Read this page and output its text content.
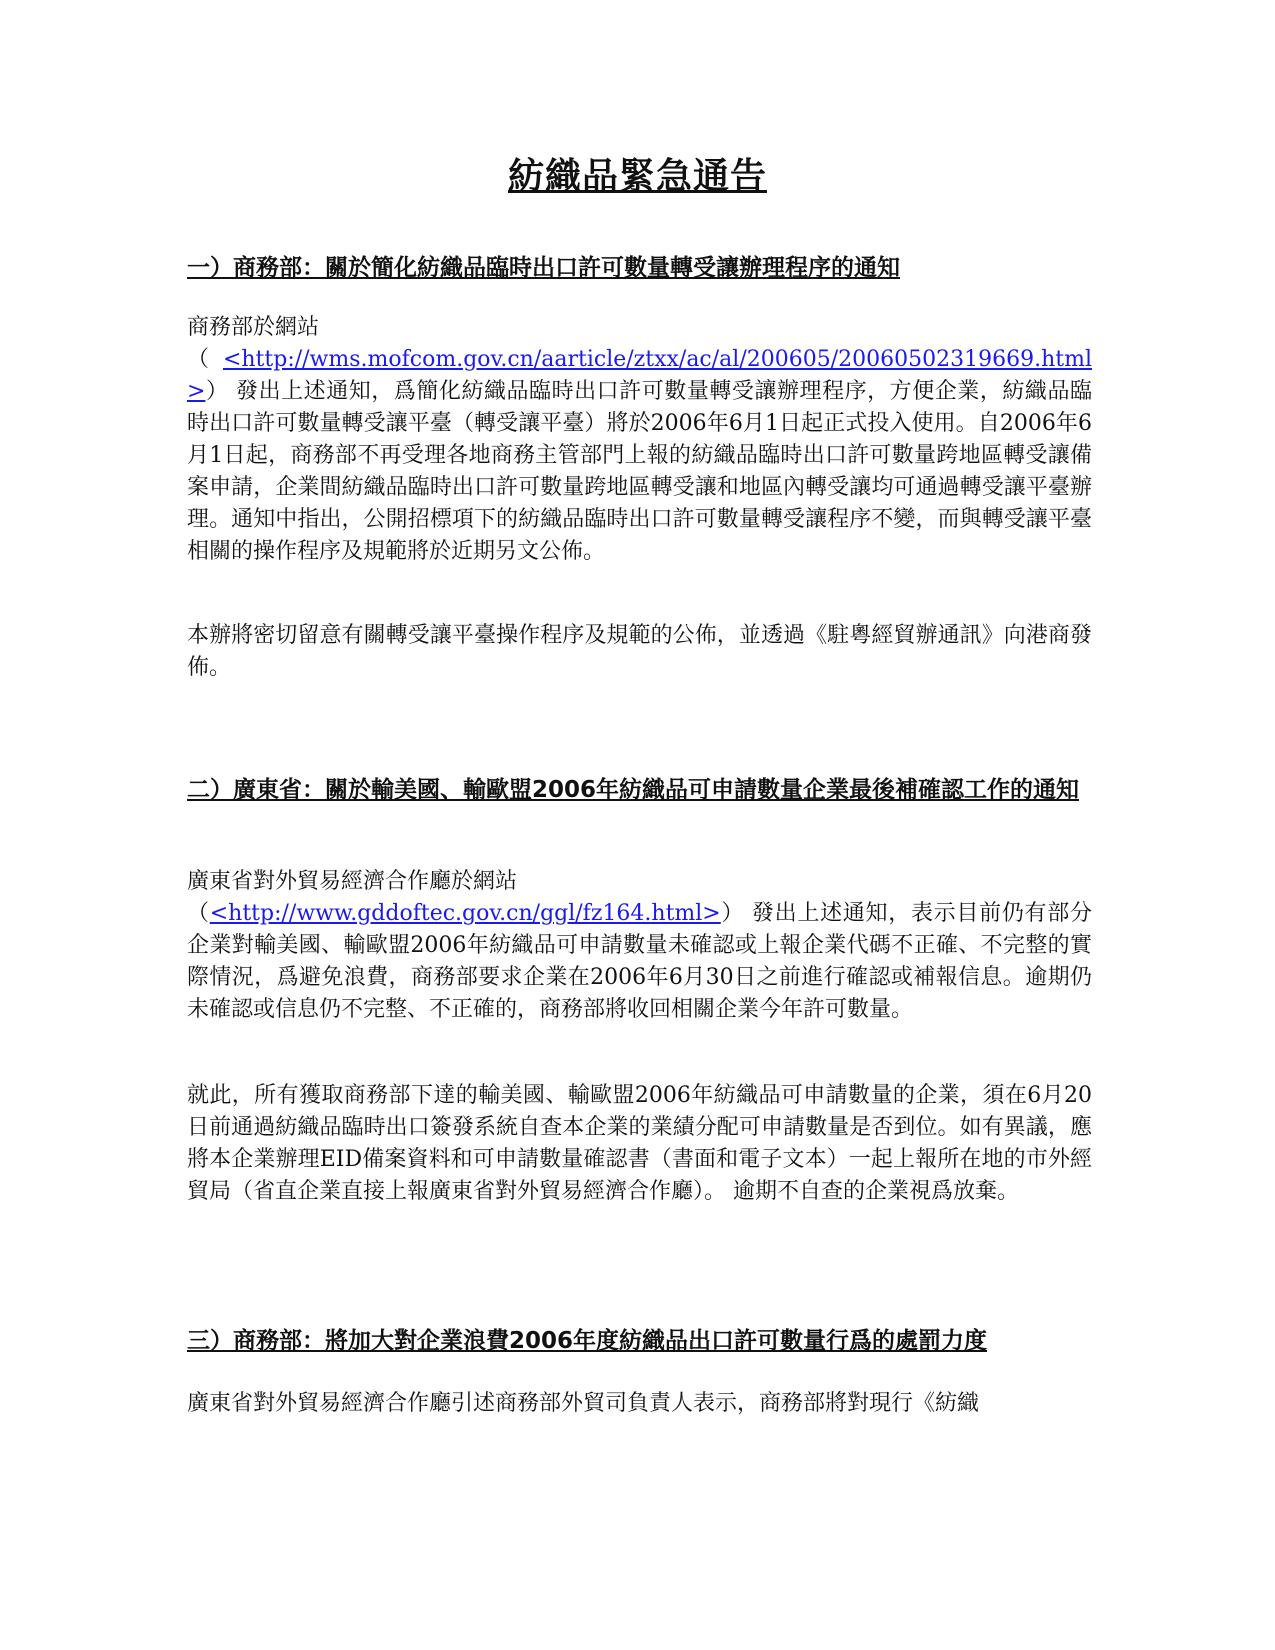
紡織品緊急通告
一）商務部：關於簡化紡織品臨時出口許可數量轉受讓辦理程序的通知

商務部於網站
（<http://wms.mofcom.gov.cn/aarticle/ztxx/ac/al/200605/20060502319669.html>） 發出上述通知，爲簡化紡織品臨時出口許可數量轉受讓辦理程序，方便企業，紡織品臨時出口許可數量轉受讓平臺（轉受讓平臺）將於2006年6月1日起正式投入使用。自2006年6月1日起，商務部不再受理各地商務主管部門上報的紡織品臨時出口許可數量跨地區轉受讓備案申請，企業間紡織品臨時出口許可數量跨地區轉受讓和地區內轉受讓均可通過轉受讓平臺辦理。通知中指出，公開招標項下的紡織品臨時出口許可數量轉受讓程序不變，而與轉受讓平臺相關的操作程序及規範將於近期另文公佈。

本辦將密切留意有關轉受讓平臺操作程序及規範的公佈，並透過《駐粵經貿辦通訊》向港商發佈。

二）廣東省：關於輸美國、輸歐盟2006年紡織品可申請數量企業最後補確認工作的通知

廣東省對外貿易經濟合作廳於網站
（<http://www.gddoftec.gov.cn/ggl/fz164.html>） 發出上述通知，表示目前仍有部分企業對輸美國、輸歐盟2006年紡織品可申請數量未確認或上報企業代碼不正確、不完整的實際情況，爲避免浪費，商務部要求企業在2006年6月30日之前進行確認或補報信息。逾期仍未確認或信息仍不完整、不正確的，商務部將收回相關企業今年許可數量。

就此，所有獲取商務部下達的輸美國、輸歐盟2006年紡織品可申請數量的企業，須在6月20日前通過紡織品臨時出口簽發系統自查本企業的業績分配可申請數量是否到位。如有異議，應將本企業辦理EID備案資料和可申請數量確認書（書面和電子文本）一起上報所在地的市外經貿局（省直企業直接上報廣東省對外貿易經濟合作廳）。 逾期不自查的企業視爲放棄。

三）商務部：將加大對企業浪費2006年度紡織品出口許可數量行爲的處罰力度

廣東省對外貿易經濟合作廳引述商務部外貿司負責人表示，商務部將對現行《紡織
